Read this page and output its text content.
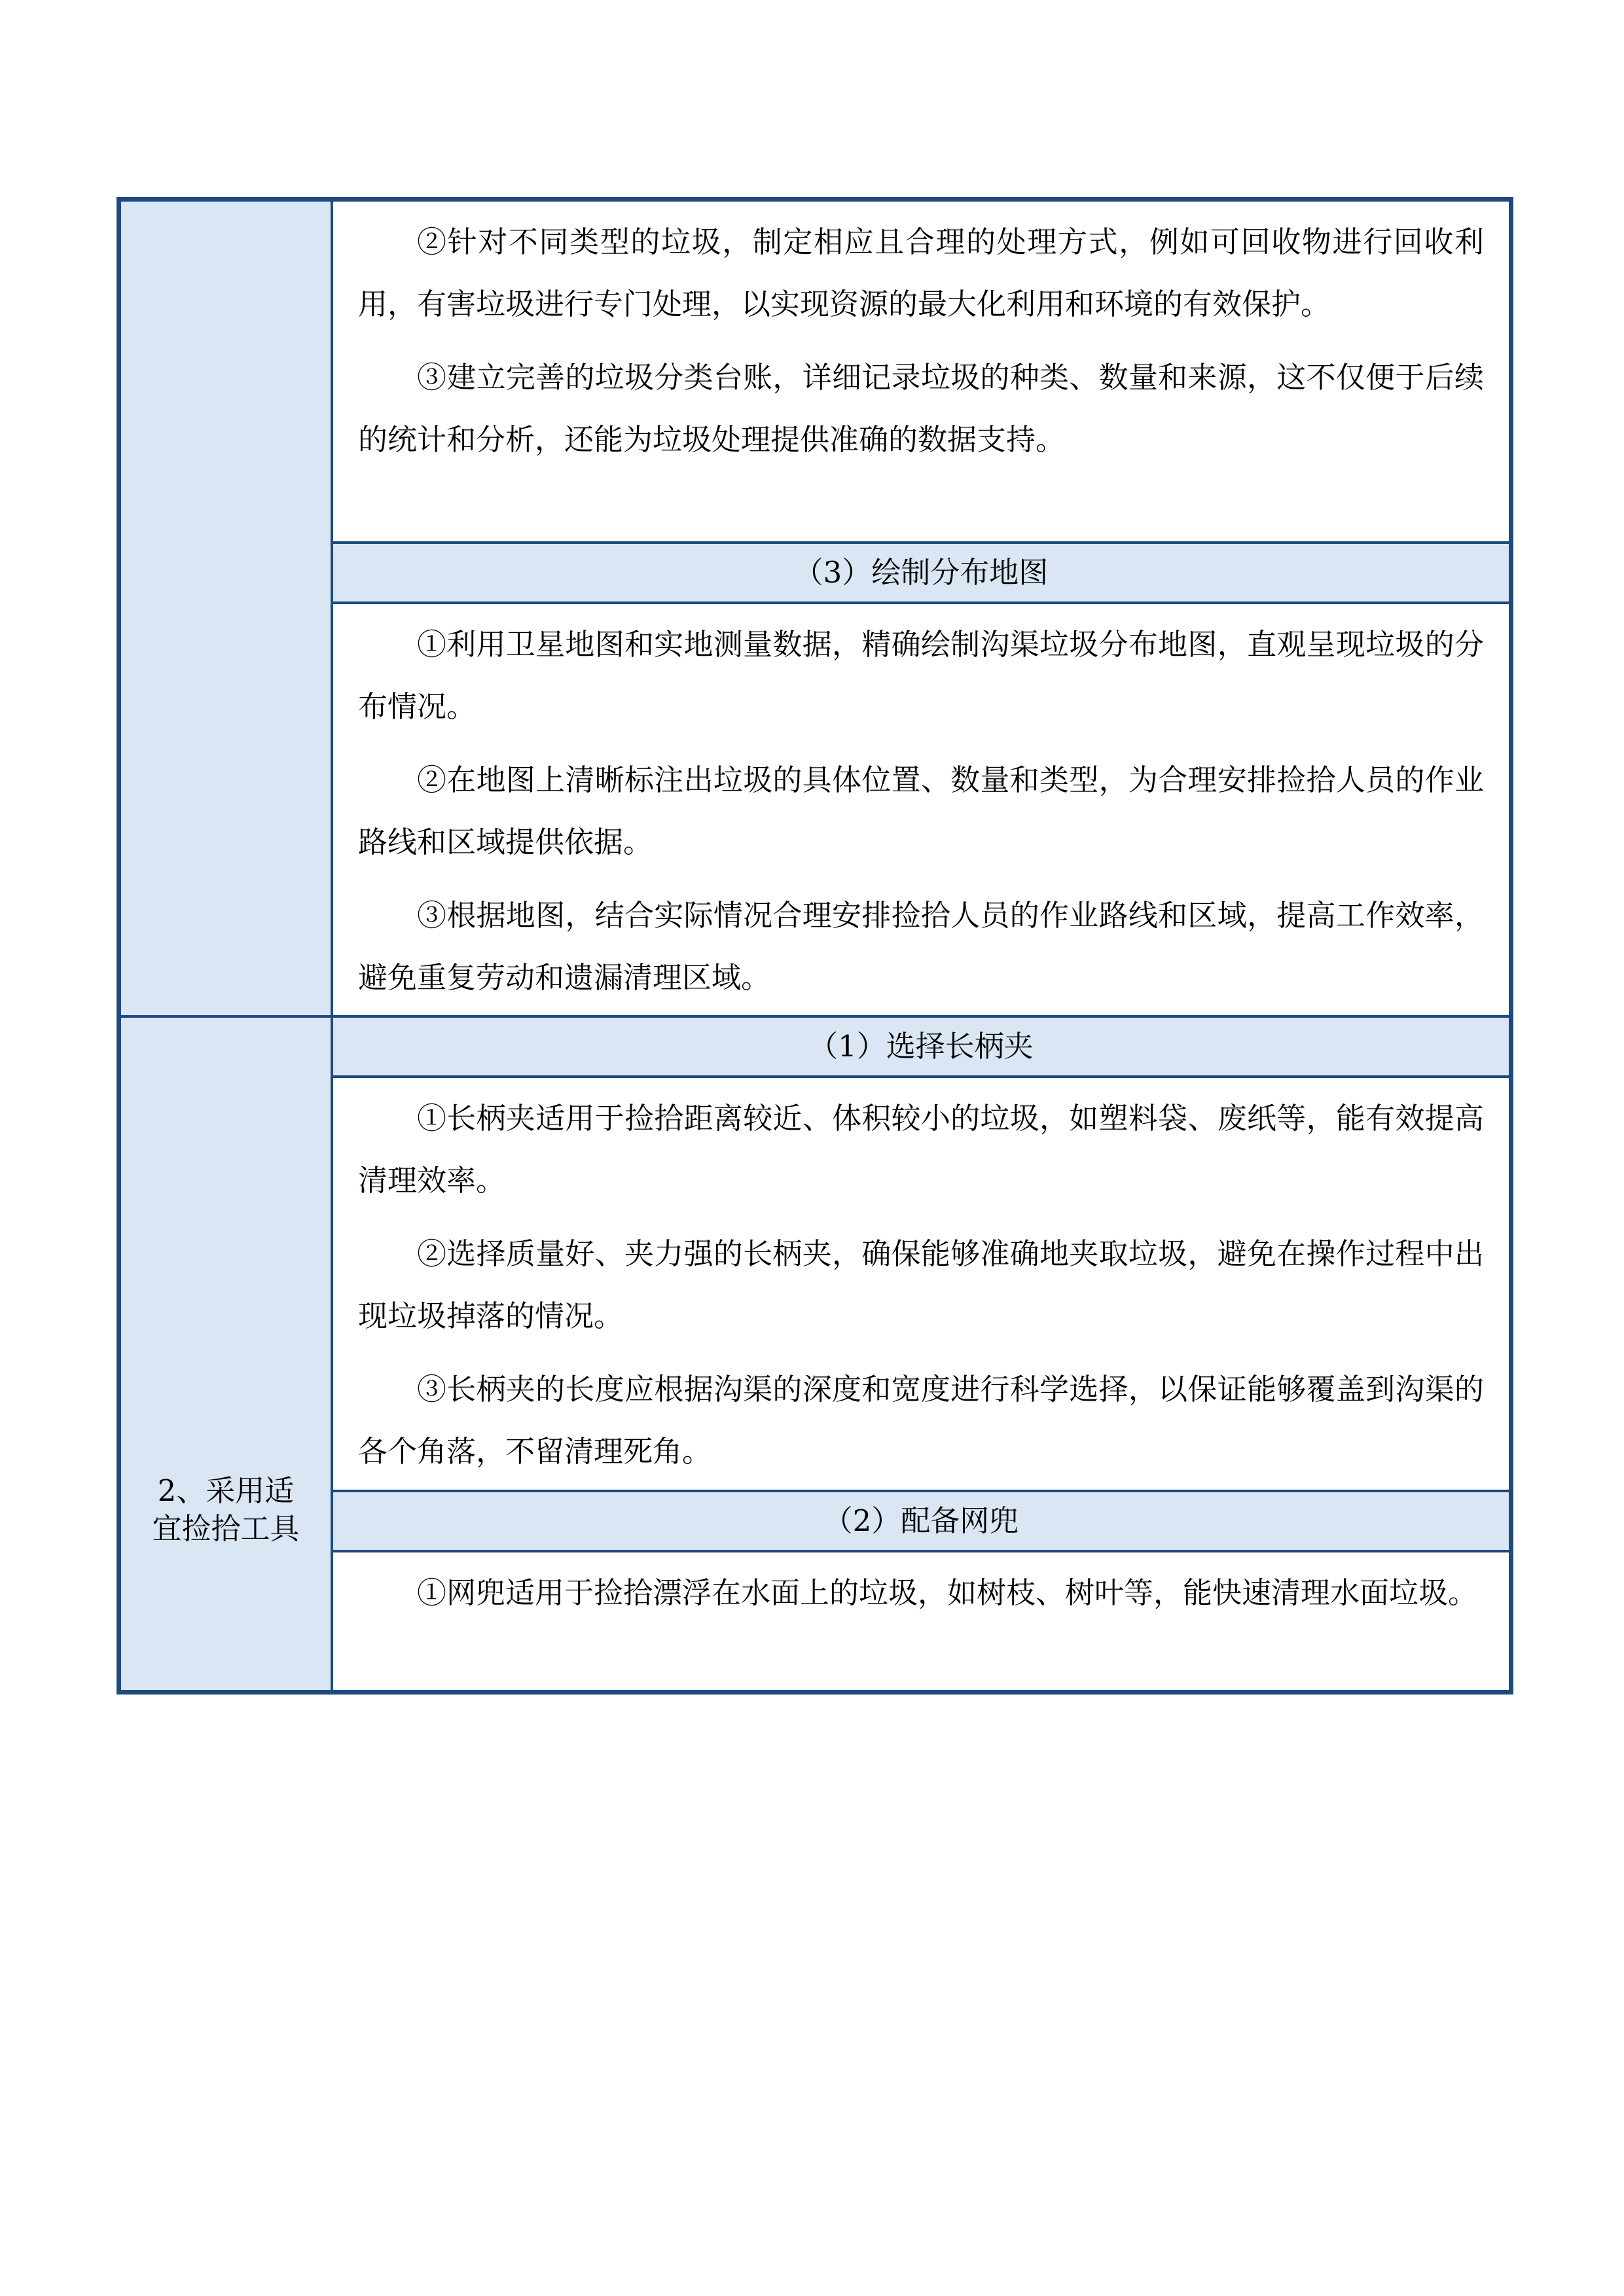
2、采用适宜捡拾工具

②针对不同类型的垃圾，制定相应且合理的处理方式，例如可回收物进行回收利用，有害垃圾进行专门处理，以实现资源的最大化利用和环境的有效保护。

③建立完善的垃圾分类台账，详细记录垃圾的种类、数量和来源，这不仅便于后续的统计和分析，还能为垃圾处理提供准确的数据支持。

（3）绘制分布地图

①利用卫星地图和实地测量数据，精确绘制沟渠垃圾分布地图，直观呈现垃圾的分布情况。

②在地图上清晰标注出垃圾的具体位置、数量和类型，为合理安排捡拾人员的作业路线和区域提供依据。

③根据地图，结合实际情况合理安排捡拾人员的作业路线和区域，提高工作效率，避免重复劳动和遗漏清理区域。

（1）选择长柄夹

①长柄夹适用于捡拾距离较近、体积较小的垃圾，如塑料袋、废纸等，能有效提高清理效率。

②选择质量好、夹力强的长柄夹，确保能够准确地夹取垃圾，避免在操作过程中出现垃圾掉落的情况。

③长柄夹的长度应根据沟渠的深度和宽度进行科学选择，以保证能够覆盖到沟渠的各个角落，不留清理死角。

（2）配备网兜

①网兜适用于捡拾漂浮在水面上的垃圾，如树枝、树叶等，能快速清理水面垃圾。
